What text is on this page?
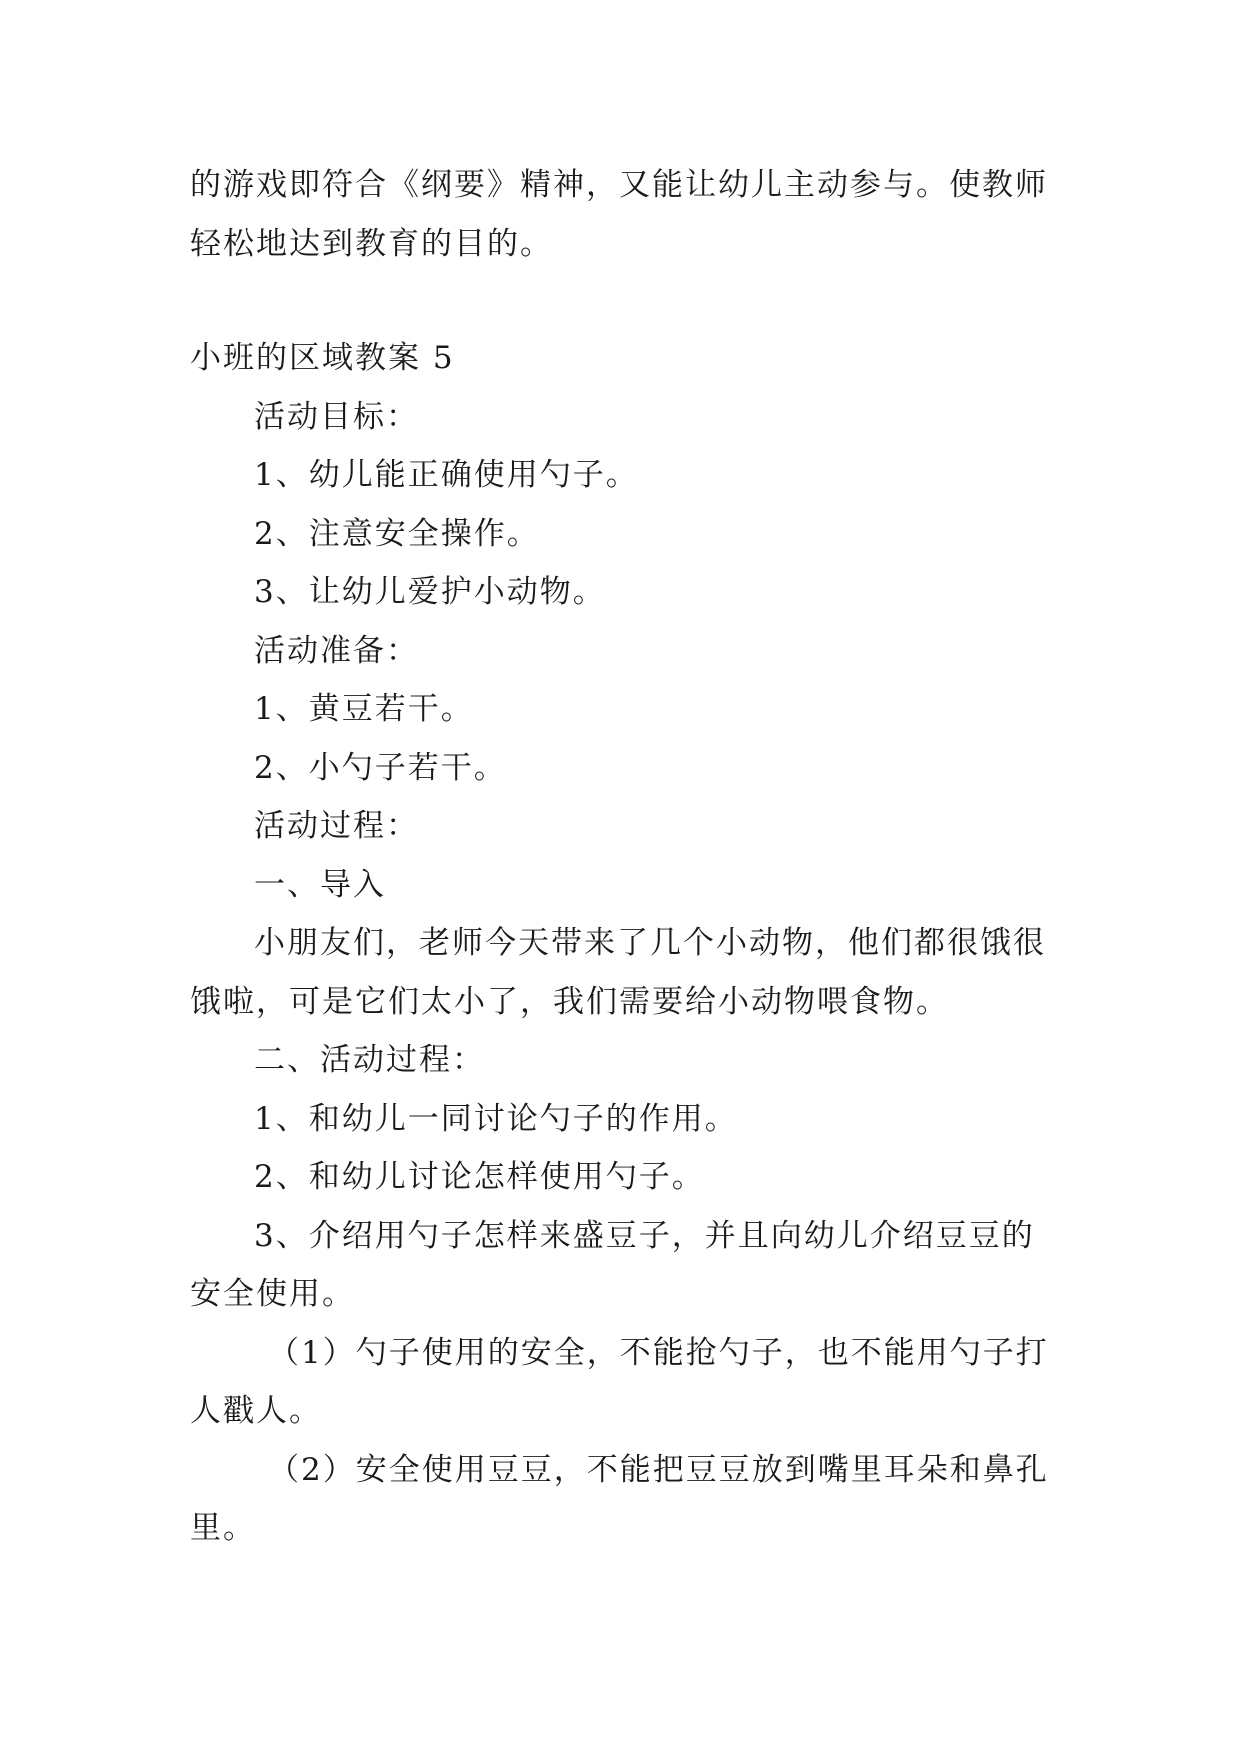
的游戏即符合《纲要》精神，又能让幼儿主动参与。使教师
轻松地达到教育的目的。
小班的区域教案 5
活动目标：
1、幼儿能正确使用勺子。
2、注意安全操作。
3、让幼儿爱护小动物。
活动准备：
1、黄豆若干。
2、小勺子若干。
活动过程：
一、导入
小朋友们，老师今天带来了几个小动物，他们都很饿很
饿啦，可是它们太小了，我们需要给小动物喂食物。
二、活动过程：
1、和幼儿一同讨论勺子的作用。
2、和幼儿讨论怎样使用勺子。
3、介绍用勺子怎样来盛豆子，并且向幼儿介绍豆豆的
安全使用。
（1）勺子使用的安全，不能抢勺子，也不能用勺子打
人戳人。
（2）安全使用豆豆，不能把豆豆放到嘴里耳朵和鼻孔
里。
